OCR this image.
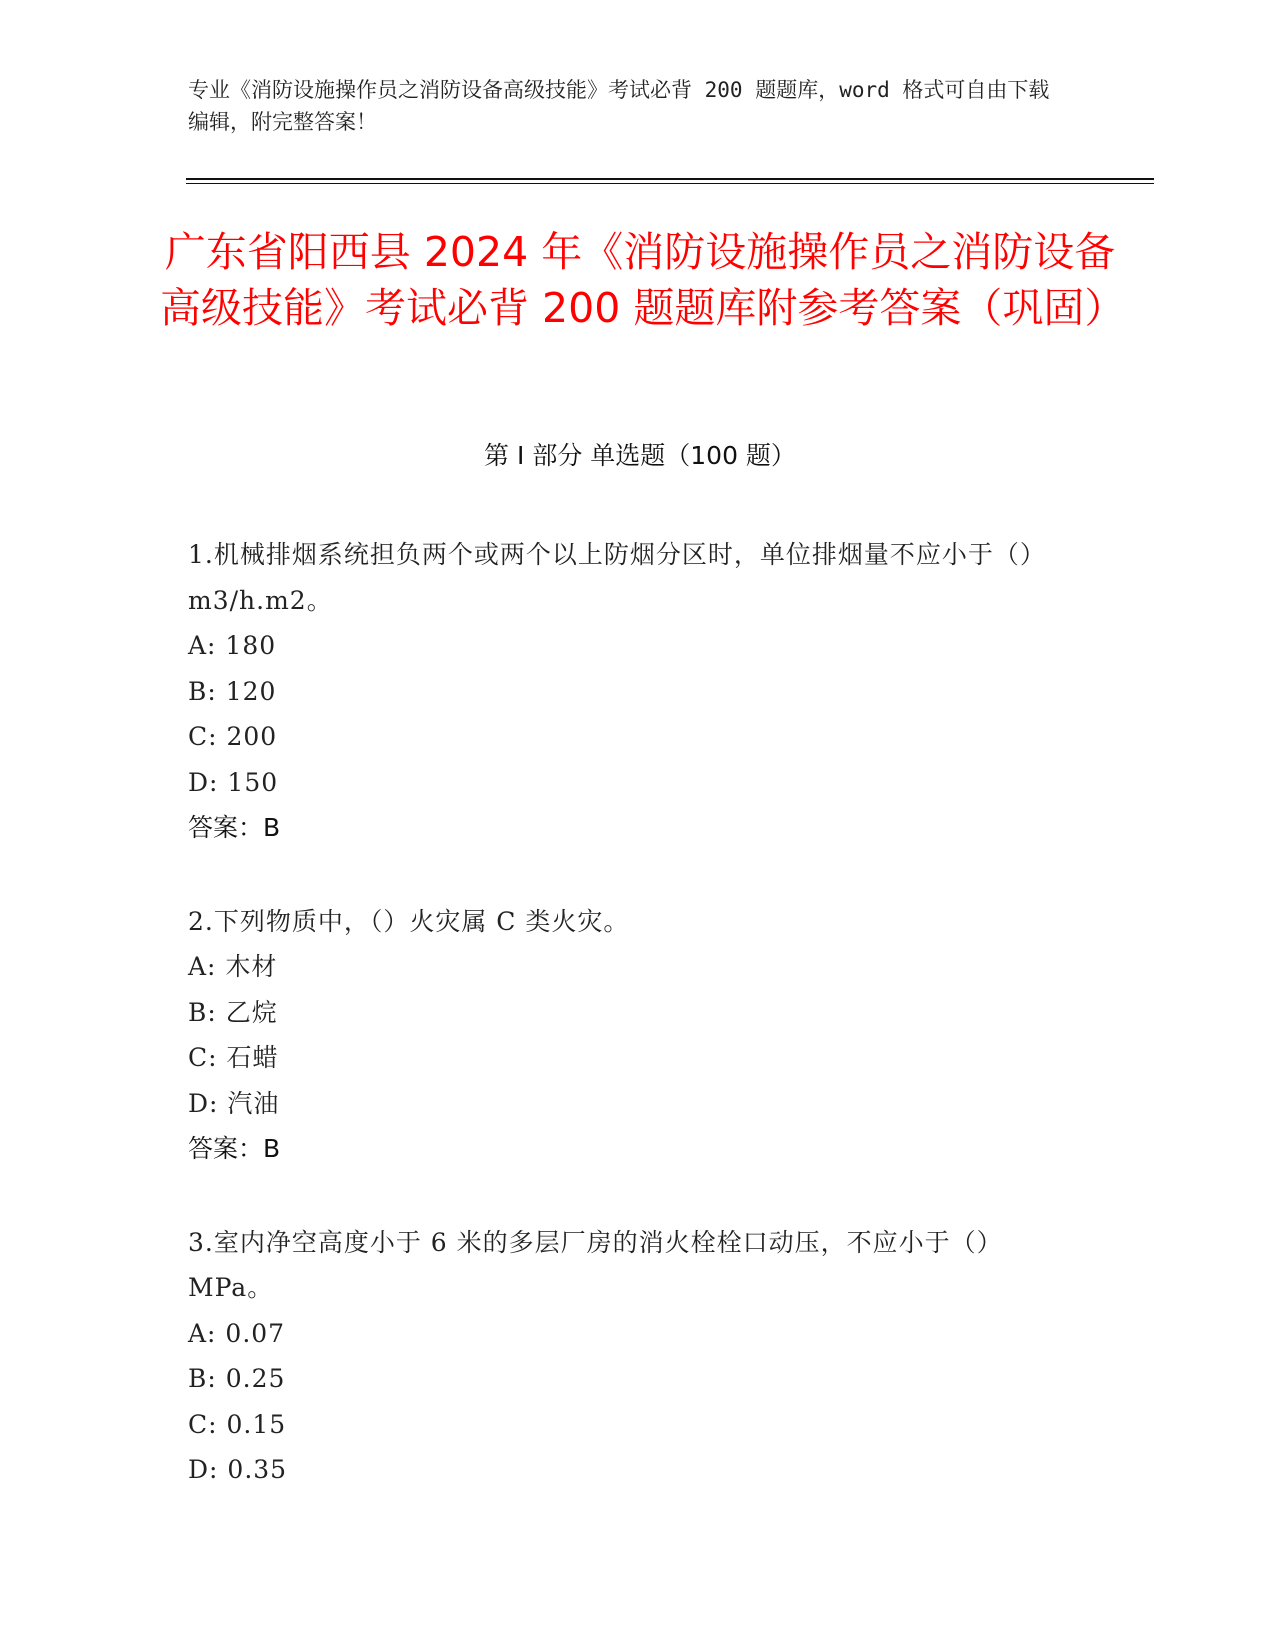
专业《消防设施操作员之消防设备高级技能》考试必背 200 题题库，word 格式可自由下载编辑，附完整答案！
广东省阳西县 2024 年《消防设施操作员之消防设备高级技能》考试必背 200 题题库附参考答案（巩固）
第 I 部分 单选题（100 题）
1.机械排烟系统担负两个或两个以上防烟分区时，单位排烟量不应小于（）m3/h.m2。
A: 180
B: 120
C: 200
D: 150
答案：B
2.下列物质中，（）火灾属 C 类火灾。
A: 木材
B: 乙烷
C: 石蜡
D: 汽油
答案：B
3.室内净空高度小于 6 米的多层厂房的消火栓栓口动压，不应小于（）MPa。
A: 0.07
B: 0.25
C: 0.15
D: 0.35
